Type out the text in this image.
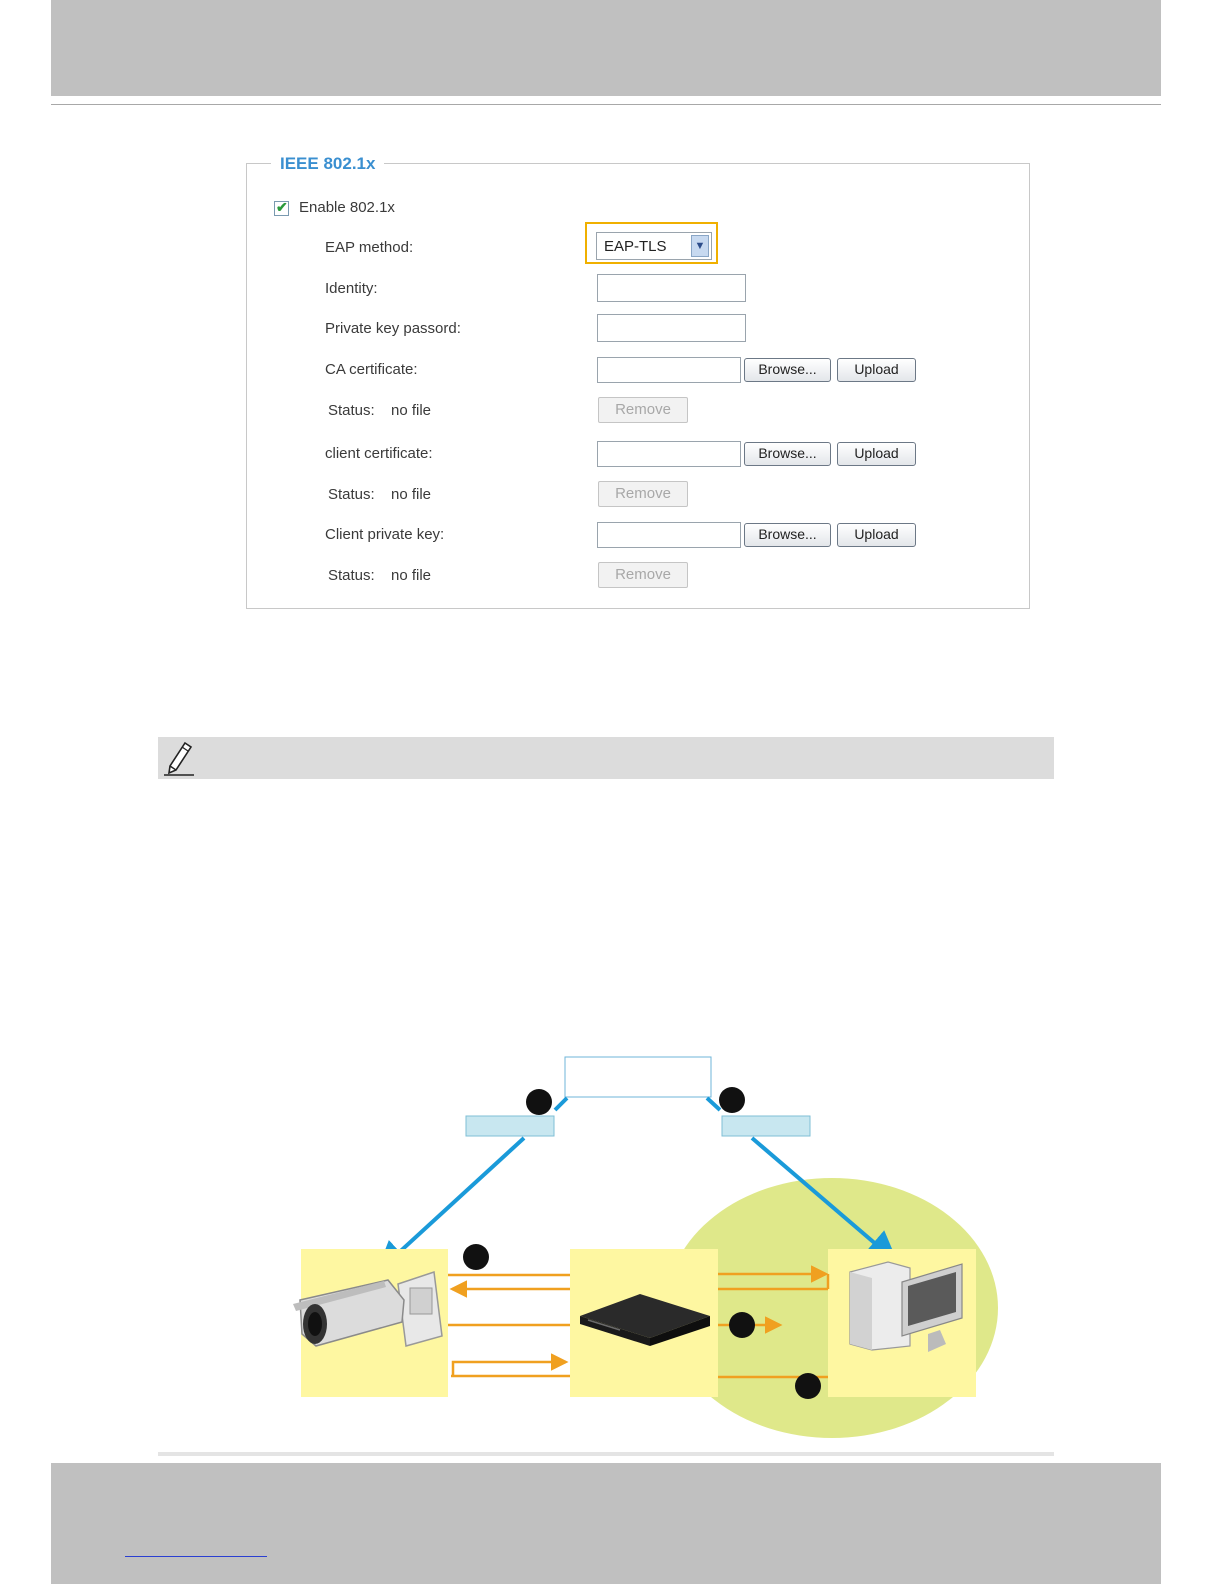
IEEE 802.1x
✔ Enable 802.1x
EAP method:	EAP-TLS	▼
Identity:
Private key passord:
CA certificate:	Browse...	Upload
Status: no file	Remove
client certificate:	Browse...	Upload
Status: no file	Remove
Client private key:	Browse...	Upload
Status: no file	Remove
